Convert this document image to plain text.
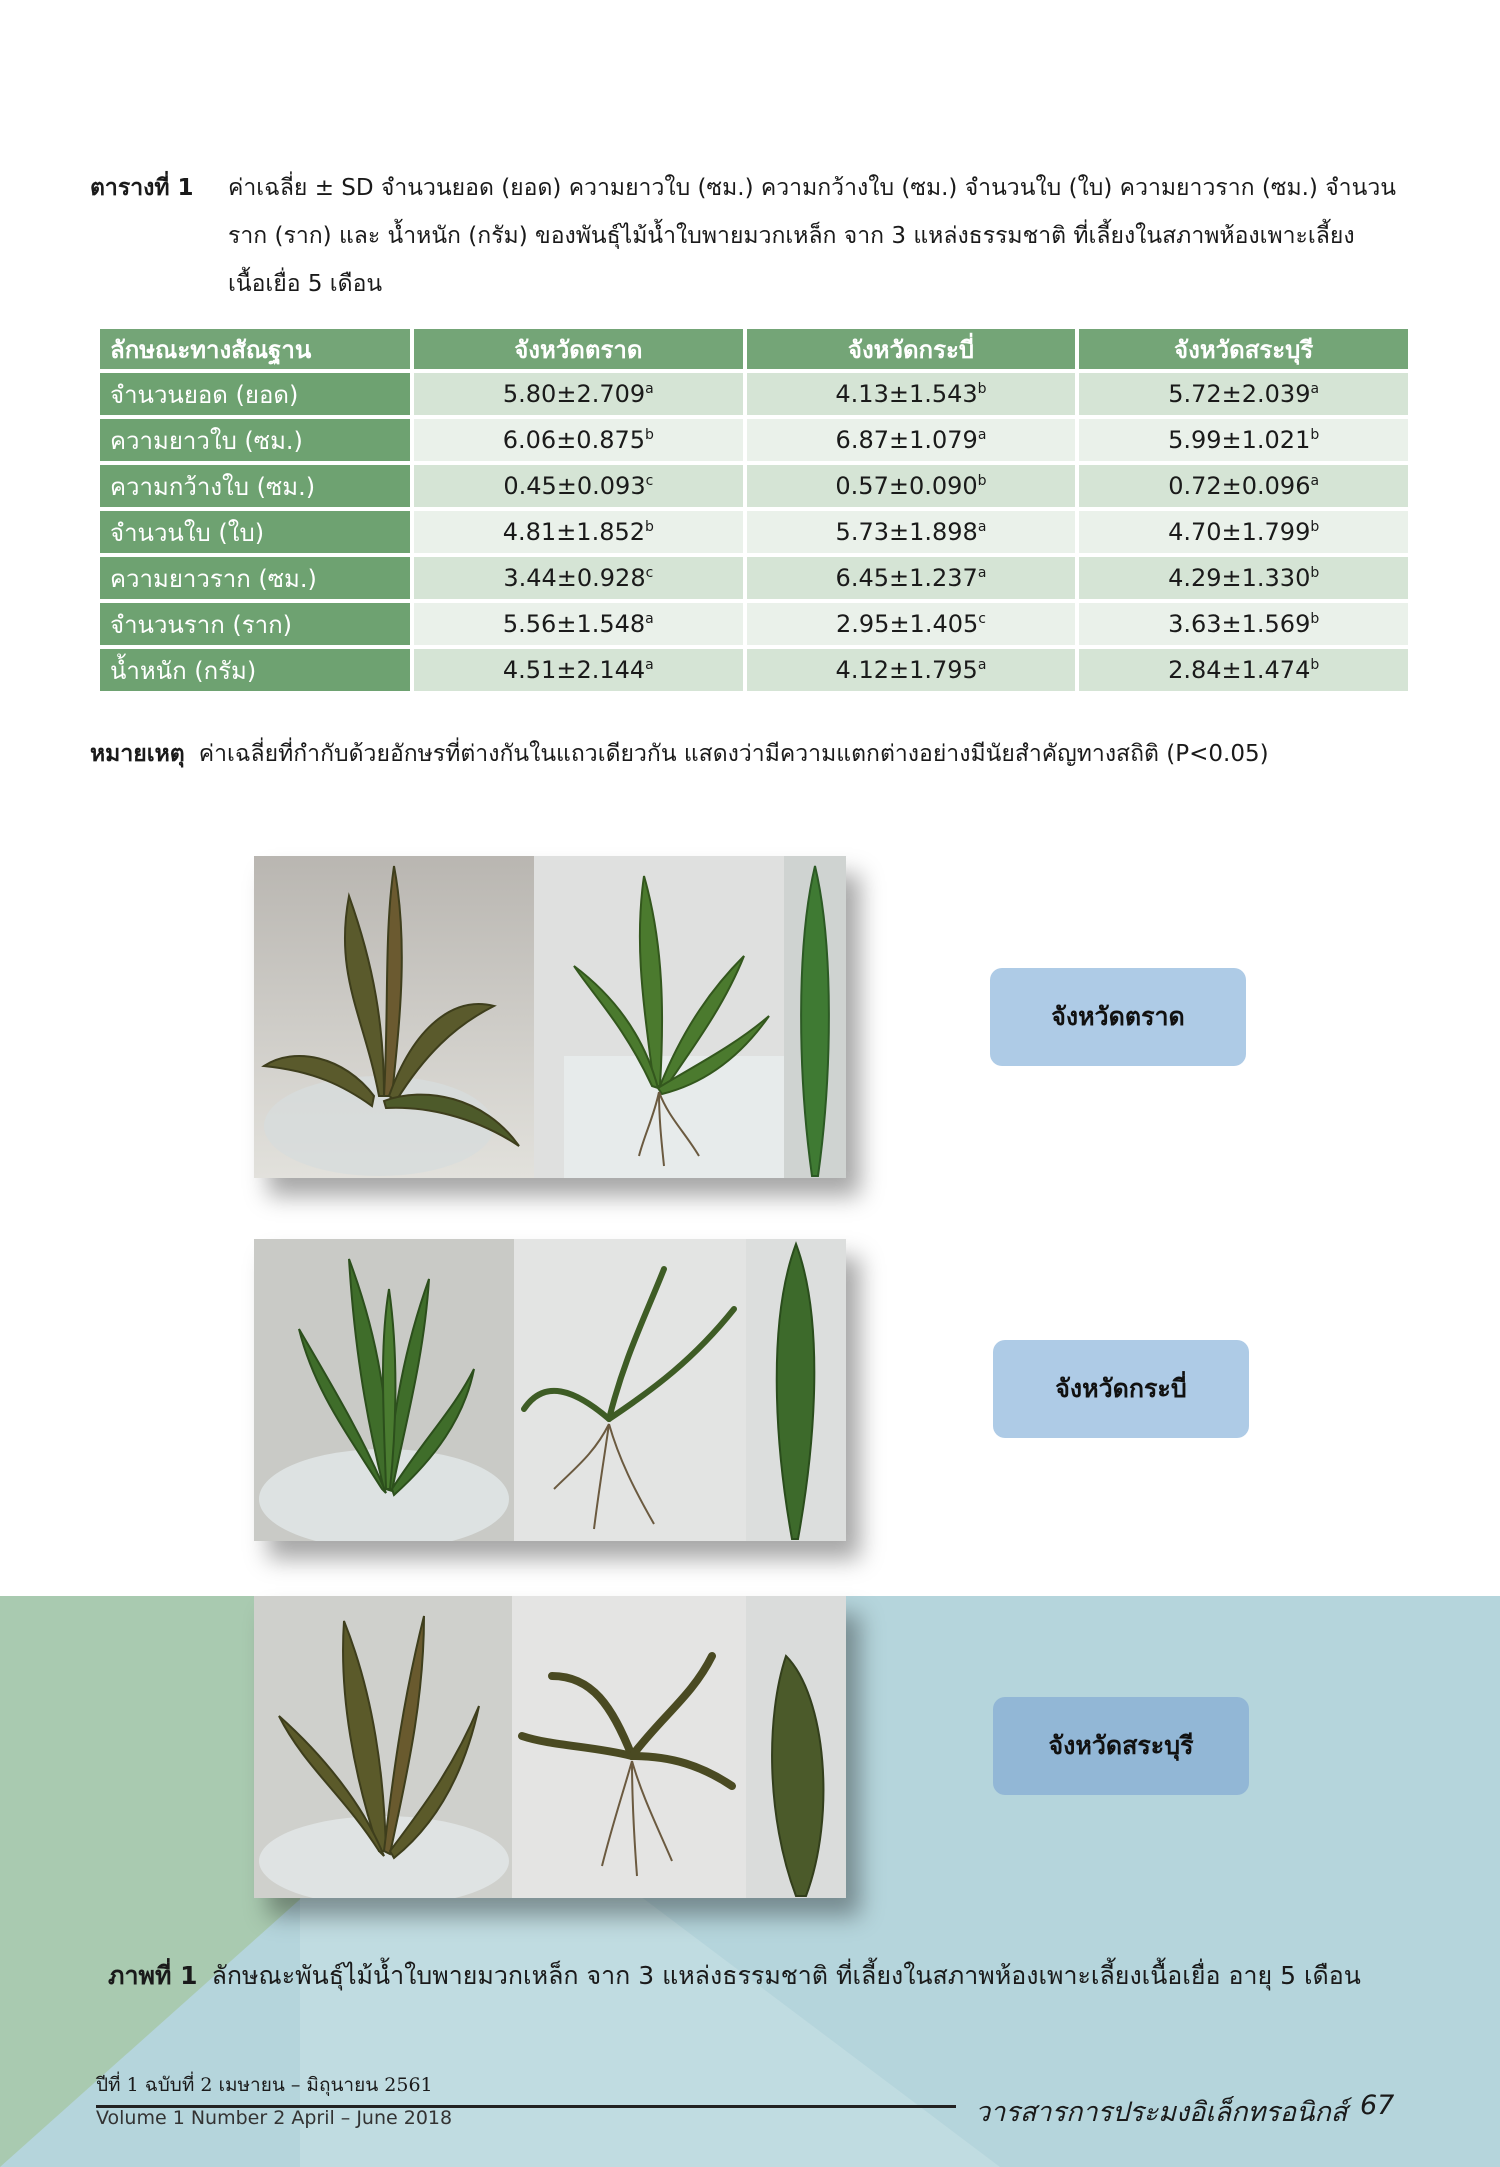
ตารางที่ 1 ค่าเฉลี่ย ± SD จำนวนยอด (ยอด) ความยาวใบ (ซม.) ความกว้างใบ (ซม.) จำนวนใบ (ใบ) ความยาวราก (ซม.) จำนวนราก (ราก) และ น้ำหนัก (กรัม) ของพันธุ์ไม้น้ำใบพายมวกเหล็ก จาก 3 แหล่งธรรมชาติ ที่เลี้ยงในสภาพห้องเพาะเลี้ยงเนื้อเยื่อ 5 เดือน
ลักษณะทางสัณฐาน	จังหวัดตราด	จังหวัดกระบี่	จังหวัดสระบุรี
จำนวนยอด (ยอด)	5.80±2.709$^a$	4.13±1.543$^b$	5.72±2.039$^a$
ความยาวใบ (ซม.)	6.06±0.875$^b$	6.87±1.079$^a$	5.99±1.021$^b$
ความกว้างใบ (ซม.)	0.45±0.093$^c$	0.57±0.090$^b$	0.72±0.096$^a$
จำนวนใบ (ใบ)	4.81±1.852$^b$	5.73±1.898$^a$	4.70±1.799$^b$
ความยาวราก (ซม.)	3.44±0.928$^c$	6.45±1.237$^a$	4.29±1.330$^b$
จำนวนราก (ราก)	5.56±1.548$^a$	2.95±1.405$^c$	3.63±1.569$^b$
น้ำหนัก (กรัม)	4.51±2.144$^a$	4.12±1.795$^a$	2.84±1.474$^b$
หมายเหตุ ค่าเฉลี่ยที่กำกับด้วยอักษรที่ต่างกันในแถวเดียวกัน แสดงว่ามีความแตกต่างอย่างมีนัยสำคัญทางสถิติ (P<0.05)
จังหวัดตราด
จังหวัดกระบี่
จังหวัดสระบุรี
ภาพที่ 1 ลักษณะพันธุ์ไม้น้ำใบพายมวกเหล็ก จาก 3 แหล่งธรรมชาติ ที่เลี้ยงในสภาพห้องเพาะเลี้ยงเนื้อเยื่อ อายุ 5 เดือน
ปีที่ 1 ฉบับที่ 2 เมษายน – มิถุนายน 2561
Volume 1 Number 2 April – June 2018	วารสารการประมงอิเล็กทรอนิกส์ 67
